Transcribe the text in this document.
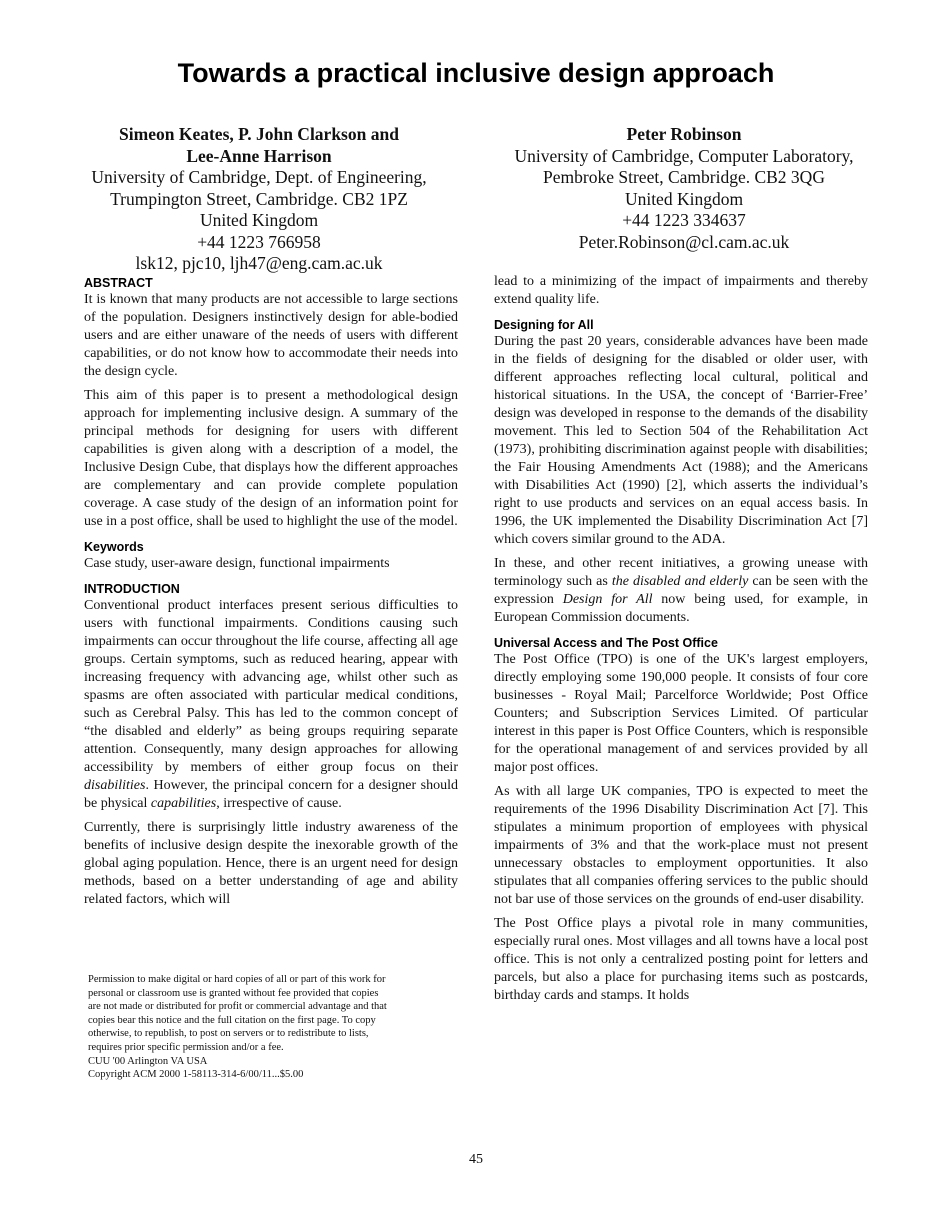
Towards a practical inclusive design approach
Simeon Keates, P. John Clarkson and
Lee-Anne Harrison
University of Cambridge, Dept. of Engineering,
Trumpington Street, Cambridge. CB2 1PZ
United Kingdom
+44 1223 766958
lsk12, pjc10, ljh47@eng.cam.ac.uk
Peter Robinson
University of Cambridge, Computer Laboratory,
Pembroke Street, Cambridge. CB2 3QG
United Kingdom
+44 1223 334637
Peter.Robinson@cl.cam.ac.uk
ABSTRACT

It is known that many products are not accessible to large sections of the population. Designers instinctively design for able-bodied users and are either unaware of the needs of users with different capabilities, or do not know how to accommodate their needs into the design cycle.

This aim of this paper is to present a methodological design approach for implementing inclusive design. A summary of the principal methods for designing for users with different capabilities is given along with a description of a model, the Inclusive Design Cube, that displays how the different approaches are complementary and can provide complete population coverage. A case study of the design of an information point for use in a post office, shall be used to highlight the use of the model.

Keywords

Case study, user-aware design, functional impairments

INTRODUCTION

Conventional product interfaces present serious difficulties to users with functional impairments. Conditions causing such impairments can occur throughout the life course, affecting all age groups. Certain symptoms, such as reduced hearing, appear with increasing frequency with advancing age, whilst other such as spasms are often associated with particular medical conditions, such as Cerebral Palsy. This has led to the common concept of “the disabled and elderly” as being groups requiring separate attention. Consequently, many design approaches for allowing accessibility by members of either group focus on their disabilities. However, the principal concern for a designer should be physical capabilities, irrespective of cause.

Currently, there is surprisingly little industry awareness of the benefits of inclusive design despite the inexorable growth of the global aging population. Hence, there is an urgent need for design methods, based on a better understanding of age and ability related factors, which will

Permission to make digital or hard copies of all or part of this work for
personal or classroom use is granted without fee provided that copies
are not made or distributed for profit or commercial advantage and that
copies bear this notice and the full citation on the first page. To copy
otherwise, to republish, to post on servers or to redistribute to lists,
requires prior specific permission and/or a fee.
CUU '00 Arlington VA USA
Copyright ACM 2000 1-58113-314-6/00/11...$5.00

lead to a minimizing of the impact of impairments and thereby extend quality life.

Designing for All

During the past 20 years, considerable advances have been made in the fields of designing for the disabled or older user, with different approaches reflecting local cultural, political and historical situations. In the USA, the concept of ‘Barrier-Free’ design was developed in response to the demands of the disability movement. This led to Section 504 of the Rehabilitation Act (1973), prohibiting discrimination against people with disabilities; the Fair Housing Amendments Act (1988); and the Americans with Disabilities Act (1990) [2], which asserts the individual’s right to use products and services on an equal access basis. In 1996, the UK implemented the Disability Discrimination Act [7] which covers similar ground to the ADA.

In these, and other recent initiatives, a growing unease with terminology such as the disabled and elderly can be seen with the expression Design for All now being used, for example, in European Commission documents.

Universal Access and The Post Office

The Post Office (TPO) is one of the UK's largest employers, directly employing some 190,000 people. It consists of four core businesses - Royal Mail; Parcelforce Worldwide; Post Office Counters; and Subscription Services Limited. Of particular interest in this paper is Post Office Counters, which is responsible for the operational management of and services provided by all major post offices.

As with all large UK companies, TPO is expected to meet the requirements of the 1996 Disability Discrimination Act [7]. This stipulates a minimum proportion of employees with physical impairments of 3% and that the work-place must not present unnecessary obstacles to employment opportunities. It also stipulates that all companies offering services to the public should not bar use of those services on the grounds of end-user disability.

The Post Office plays a pivotal role in many communities, especially rural ones. Most villages and all towns have a local post office. This is not only a centralized posting point for letters and parcels, but also a place for purchasing items such as postcards, birthday cards and stamps. It holds

45
